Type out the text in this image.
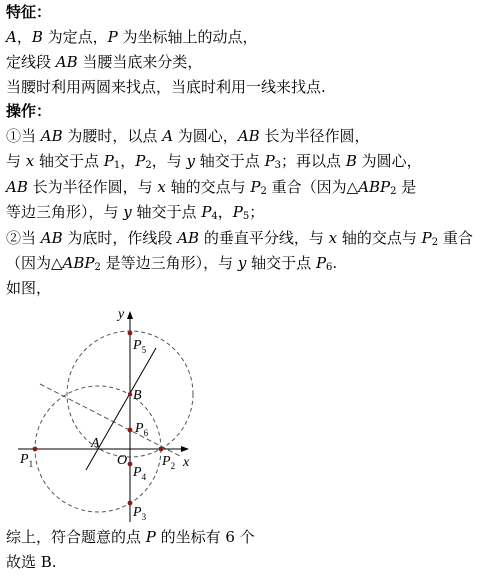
特征：
A，B 为定点，P 为坐标轴上的动点，
定线段 AB 当腰当底来分类，
当腰时利用两圆来找点，当底时利用一线来找点.
操作：
①当 AB 为腰时，以点 A 为圆心，AB 长为半径作圆，
与 x 轴交于点 $P_1$，$P_2$，与 y 轴交于点 $P_3$；再以点 B 为圆心，
AB 长为半径作圆，与 x 轴的交点与 $P_2$ 重合（因为$\triangle ABP_2$ 是
等边三角形），与 y 轴交于点 $P_4$，$P_5$；
②当 AB 为底时，作线段 AB 的垂直平分线，与 x 轴的交点与 $P_2$ 重合
（因为$\triangle ABP_2$ 是等边三角形），与 y 轴交于点 $P_6$.
如图，
y
x
O
A
B
$P_1$	$P_2$
$P_3$
$P_4$
$P_5$
$P_6$
综上，符合题意的点 P 的坐标有 6 个
故选 B.
